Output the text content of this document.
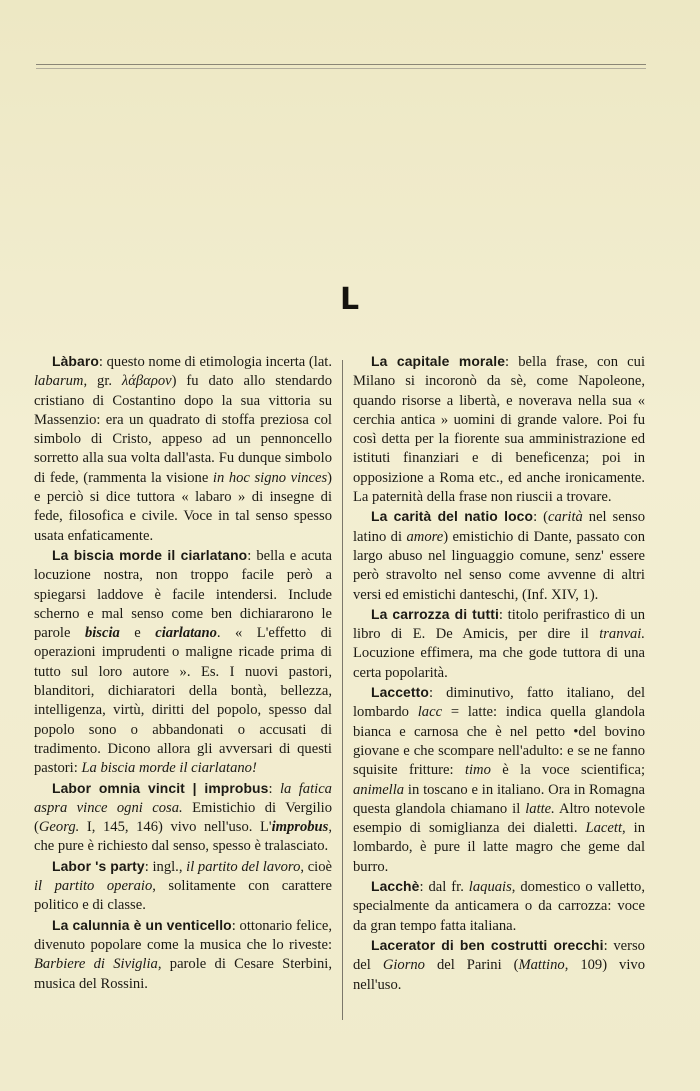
L

Làbaro: questo nome di etimologia incerta (lat. labarum, gr. λάβαρον) fu dato allo stendardo cristiano di Costantino dopo la sua vittoria su Massenzio: era un quadrato di stoffa preziosa col simbolo di Cristo, appeso ad un pennoncello sorretto alla sua volta dall'asta. Fu dunque simbolo di fede, (rammenta la visione in hoc signo vinces) e perciò si dice tuttora « labaro » di insegne di fede, filosofica e civile. Voce in tal senso spesso usata enfaticamente.

La biscia morde il ciarlatano: bella e acuta locuzione nostra, non troppo facile però a spiegarsi laddove è facile intendersi. Include scherno e mal senso come ben dichiararono le parole biscia e ciarlatano. « L'effetto di operazioni imprudenti o maligne ricade prima di tutto sul loro autore ». Es. I nuovi pastori, blanditori, dichiaratori della bontà, bellezza, intelligenza, virtù, diritti del popolo, spesso dal popolo sono o abbandonati o accusati di tradimento. Dicono allora gli avversari di questi pastori: La biscia morde il ciarlatano!

Labor omnia vincit | improbus: la fatica aspra vince ogni cosa. Emistichio di Vergilio (Georg. I, 145, 146) vivo nell'uso. L'improbus, che pure è richiesto dal senso, spesso è tralasciato.

Labor 's party: ingl., il partito del lavoro, cioè il partito operaio, solitamente con carattere politico e di classe.

La calunnia è un venticello: ottonario felice, divenuto popolare come la musica che lo riveste: Barbiere di Siviglia, parole di Cesare Sterbini, musica del Rossini.

La capitale morale: bella frase, con cui Milano si incoronò da sè, come Napoleone, quando risorse a libertà, e noverava nella sua « cerchia antica » uomini di grande valore. Poi fu così detta per la fiorente sua amministrazione ed istituti finanziari e di beneficenza; poi in opposizione a Roma etc., ed anche ironicamente. La paternità della frase non riuscii a trovare.

La carità del natio loco: (carità nel senso latino di amore) emistichio di Dante, passato con largo abuso nel linguaggio comune, senz' essere però stravolto nel senso come avvenne di altri versi ed emistichi danteschi, (Inf. XIV, 1).

La carrozza di tutti: titolo perifrastico di un libro di E. De Amicis, per dire il tranvai. Locuzione effimera, ma che gode tuttora di una certa popolarità.

Laccetto: diminutivo, fatto italiano, del lombardo lacc = latte: indica quella glandola bianca e carnosa che è nel petto •del bovino giovane e che scompare nell'adulto: e se ne fanno squisite fritture: timo è la voce scientifica; animella in toscano e in italiano. Ora in Romagna questa glandola chiamano il latte. Altro notevole esempio di somiglianza dei dialetti. Lacett, in lombardo, è pure il latte magro che geme dal burro.

Lacchè: dal fr. laquais, domestico o valletto, specialmente da anticamera o da carrozza: voce da gran tempo fatta italiana.

Lacerator di ben costrutti orecchi: verso del Giorno del Parini (Mattino, 109) vivo nell'uso.
